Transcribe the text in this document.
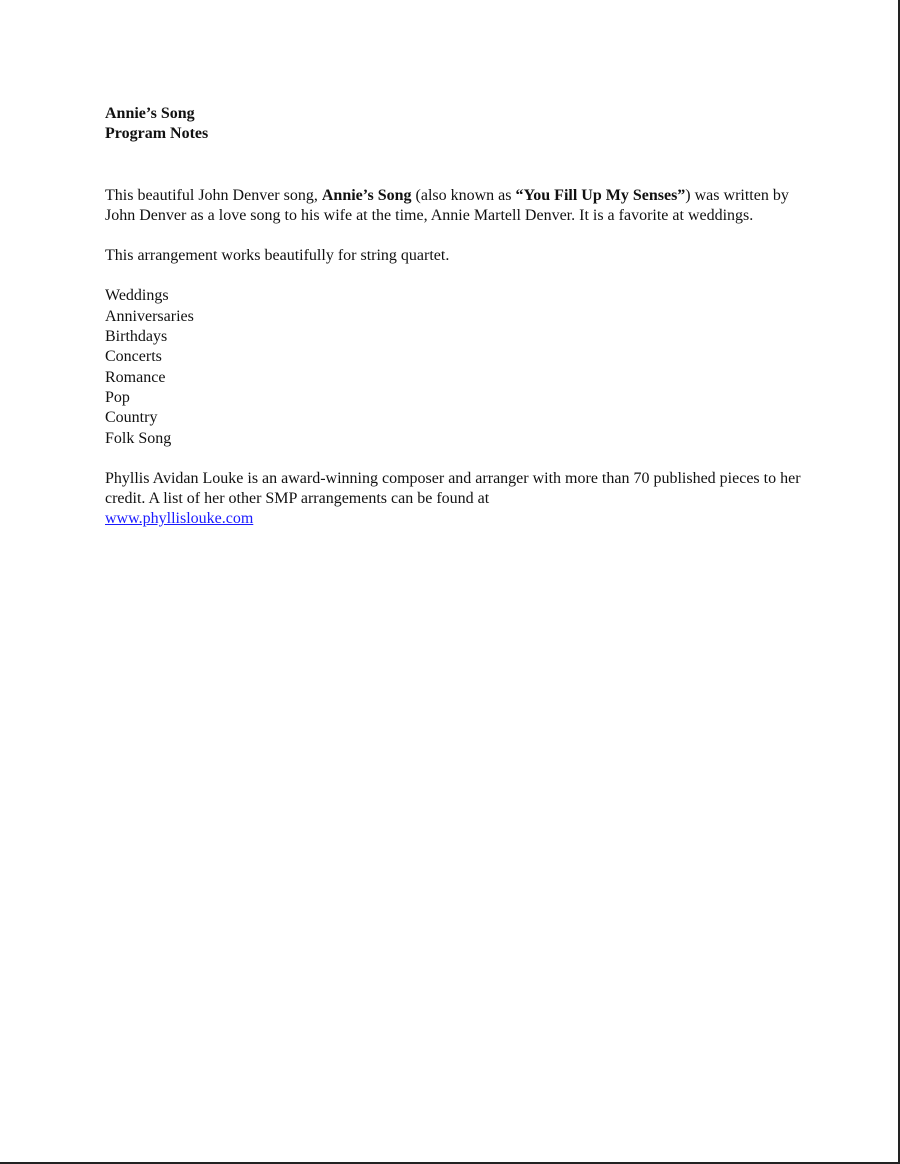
Annie’s Song

Program Notes

This beautiful John Denver song, Annie’s Song (also known as “You Fill Up My Senses”) was written by John Denver as a love song to his wife at the time, Annie Martell Denver. It is a favorite at weddings.

This arrangement works beautifully for string quartet.

Weddings
Anniversaries
Birthdays
Concerts
Romance
Pop
Country
Folk Song

Phyllis Avidan Louke is an award-winning composer and arranger with more than 70 published pieces to her credit. A list of her other SMP arrangements can be found at
www.phyllislouke.com
